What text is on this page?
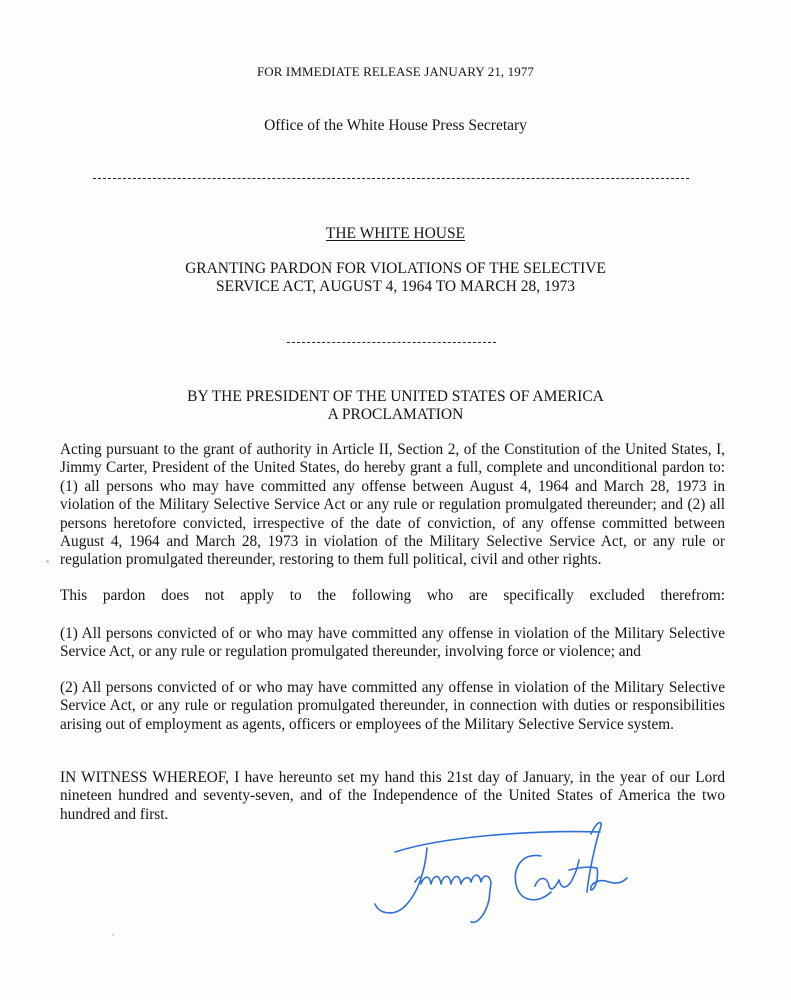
FOR IMMEDIATE RELEASE JANUARY 21, 1977
Office of the White House Press Secretary
THE WHITE HOUSE
GRANTING PARDON FOR VIOLATIONS OF THE SELECTIVE
SERVICE ACT, AUGUST 4, 1964 TO MARCH 28, 1973
BY THE PRESIDENT OF THE UNITED STATES OF AMERICA
A PROCLAMATION
Acting pursuant to the grant of authority in Article II, Section 2, of the Constitution of the United States, I, Jimmy Carter, President of the United States, do hereby grant a full, complete and unconditional pardon to: (1) all persons who may have committed any offense between August 4, 1964 and March 28, 1973 in violation of the Military Selective Service Act or any rule or regulation promulgated thereunder; and (2) all persons heretofore convicted, irrespective of the date of conviction, of any offense committed between August 4, 1964 and March 28, 1973 in violation of the Military Selective Service Act, or any rule or regulation promulgated thereunder, restoring to them full political, civil and other rights.
This pardon does not apply to the following who are specifically excluded therefrom:
(1) All persons convicted of or who may have committed any offense in violation of the Military Selective Service Act, or any rule or regulation promulgated thereunder, involving force or violence; and
(2) All persons convicted of or who may have committed any offense in violation of the Military Selective Service Act, or any rule or regulation promulgated thereunder, in connection with duties or responsibilities arising out of employment as agents, officers or employees of the Military Selective Service system.
IN WITNESS WHEREOF, I have hereunto set my hand this 21st day of January, in the year of our Lord nineteen hundred and seventy-seven, and of the Independence of the United States of America the two hundred and first.
